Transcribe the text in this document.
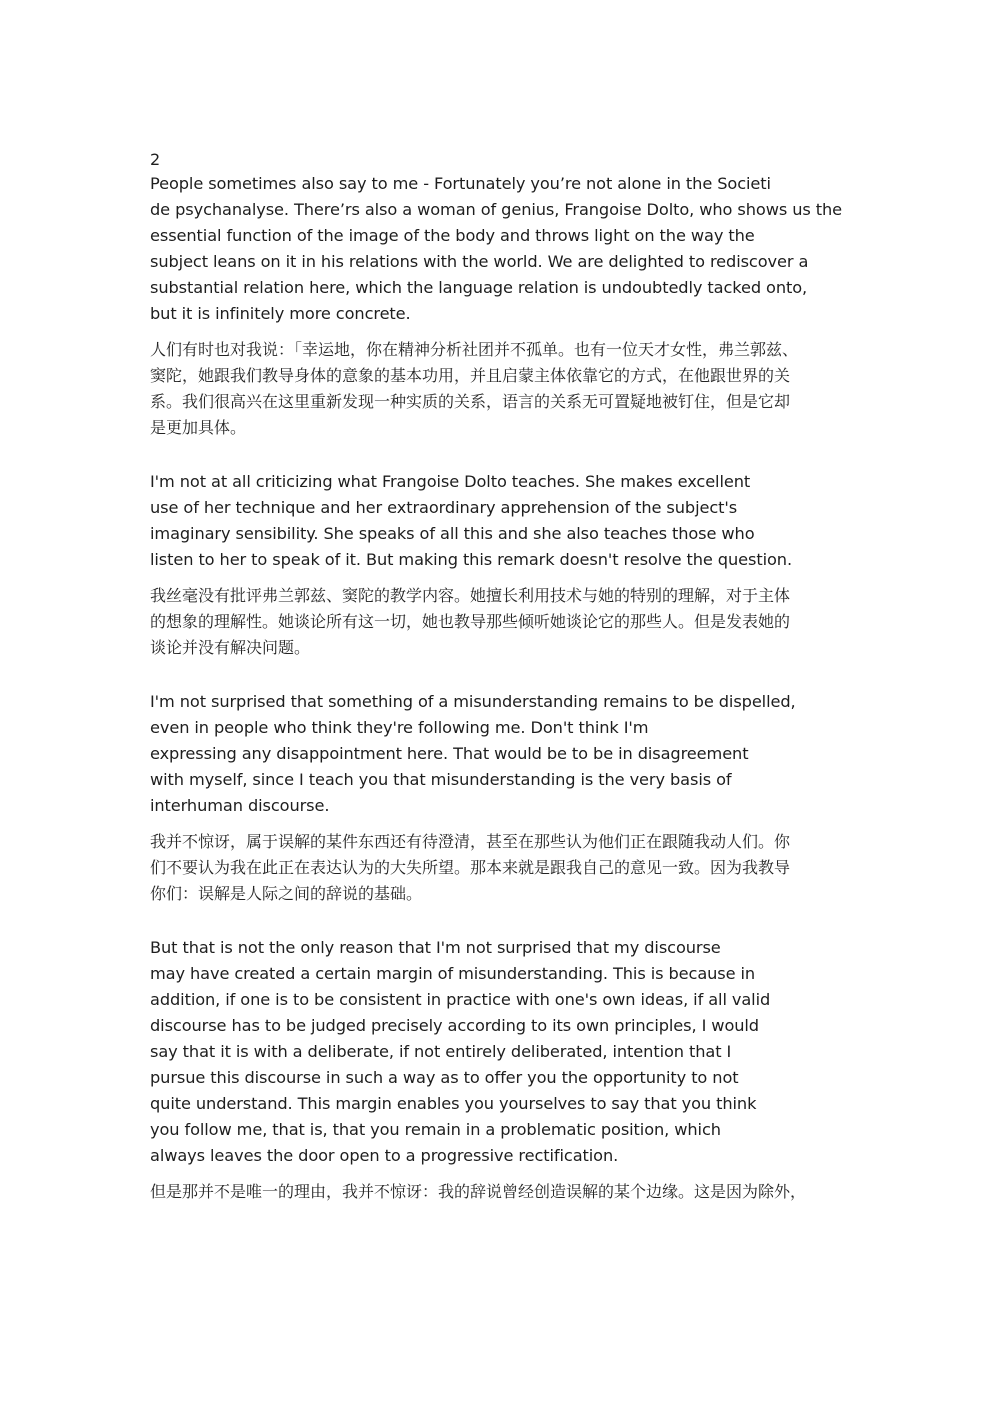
2
People sometimes also say to me - Fortunately you’re not alone in the Societi
de psychanalyse. There’rs also a woman of genius, Frangoise Dolto, who shows us the
essential function of the image of the body and throws light on the way the
subject leans on it in his relations with the world. We are delighted to rediscover a
substantial relation here, which the language relation is undoubtedly tacked onto,
but it is infinitely more concrete.
人们有时也对我说：「幸运地，你在精神分析社团并不孤单。也有一位天才女性，弗兰郭兹、
窦陀，她跟我们教导身体的意象的基本功用，并且启蒙主体依靠它的方式，在他跟世界的关
系。我们很高兴在这里重新发现一种实质的关系，语言的关系无可置疑地被钉住，但是它却
是更加具体。
I'm not at all criticizing what Frangoise Dolto teaches. She makes excellent
use of her technique and her extraordinary apprehension of the subject's
imaginary sensibility. She speaks of all this and she also teaches those who
listen to her to speak of it. But making this remark doesn't resolve the question.
我丝毫没有批评弗兰郭兹、窦陀的教学内容。她擅长利用技术与她的特别的理解，对于主体
的想象的理解性。她谈论所有这一切，她也教导那些倾听她谈论它的那些人。但是发表她的
谈论并没有解决问题。
I'm not surprised that something of a misunderstanding remains to be dispelled,
even in people who think they're following me. Don't think I'm
expressing any disappointment here. That would be to be in disagreement
with myself, since I teach you that misunderstanding is the very basis of
interhuman discourse.
我并不惊讶，属于误解的某件东西还有待澄清，甚至在那些认为他们正在跟随我动人们。你
们不要认为我在此正在表达认为的大失所望。那本来就是跟我自己的意见一致。因为我教导
你们：误解是人际之间的辞说的基础。
But that is not the only reason that I'm not surprised that my discourse
may have created a certain margin of misunderstanding. This is because in
addition, if one is to be consistent in practice with one's own ideas, if all valid
discourse has to be judged precisely according to its own principles, I would
say that it is with a deliberate, if not entirely deliberated, intention that I
pursue this discourse in such a way as to offer you the opportunity to not
quite understand. This margin enables you yourselves to say that you think
you follow me, that is, that you remain in a problematic position, which
always leaves the door open to a progressive rectification.
但是那并不是唯一的理由，我并不惊讶：我的辞说曾经创造误解的某个边缘。这是因为除外，
